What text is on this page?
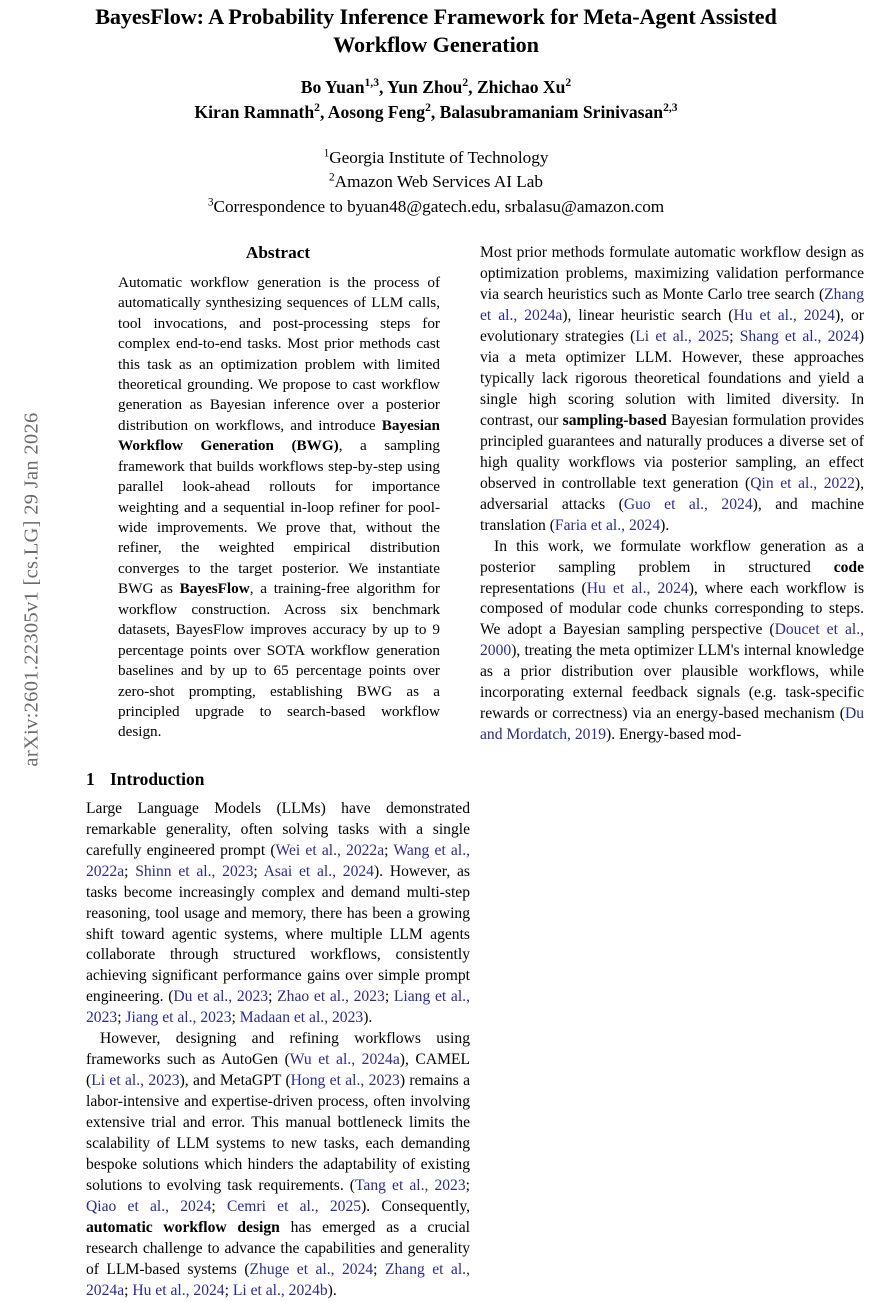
arXiv:2601.22305v1 [cs.LG] 29 Jan 2026
BayesFlow: A Probability Inference Framework for Meta-Agent Assisted Workflow Generation
Bo Yuan$^{1,3}$, Yun Zhou$^2$, Zhichao Xu$^2$
Kiran Ramnath$^2$, Aosong Feng$^2$, Balasubramaniam Srinivasan$^{2,3}$
$^1$Georgia Institute of Technology
$^2$Amazon Web Services AI Lab
$^3$Correspondence to byuan48@gatech.edu, srbalasu@amazon.com
Abstract

Automatic workflow generation is the process of automatically synthesizing sequences of LLM calls, tool invocations, and post-processing steps for complex end-to-end tasks. Most prior methods cast this task as an optimization problem with limited theoretical grounding. We propose to cast workflow generation as Bayesian inference over a posterior distribution on workflows, and introduce Bayesian Workflow Generation (BWG), a sampling framework that builds workflows step-by-step using parallel look-ahead rollouts for importance weighting and a sequential in-loop refiner for pool-wide improvements. We prove that, without the refiner, the weighted empirical distribution converges to the target posterior. We instantiate BWG as BayesFlow, a training-free algorithm for workflow construction. Across six benchmark datasets, BayesFlow improves accuracy by up to 9 percentage points over SOTA workflow generation baselines and by up to 65 percentage points over zero-shot prompting, establishing BWG as a principled upgrade to search-based workflow design.

1 Introduction

Large Language Models (LLMs) have demonstrated remarkable generality, often solving tasks with a single carefully engineered prompt (Wei et al., 2022a; Wang et al., 2022a; Shinn et al., 2023; Asai et al., 2024). However, as tasks become increasingly complex and demand multi-step reasoning, tool usage and memory, there has been a growing shift toward agentic systems, where multiple LLM agents collaborate through structured workflows, consistently achieving significant performance gains over simple prompt engineering. (Du et al., 2023; Zhao et al., 2023; Liang et al., 2023; Jiang et al., 2023; Madaan et al., 2023).

However, designing and refining workflows using frameworks such as AutoGen (Wu et al., 2024a), CAMEL (Li et al., 2023), and MetaGPT (Hong et al., 2023) remains a labor-intensive and expertise-driven process, often involving extensive trial and error. This manual bottleneck limits the scalability of LLM systems to new tasks, each demanding bespoke solutions which hinders the adaptability of existing solutions to evolving task requirements. (Tang et al., 2023; Qiao et al., 2024; Cemri et al., 2025). Consequently, automatic workflow design has emerged as a crucial research challenge to advance the capabilities and generality of LLM-based systems (Zhuge et al., 2024; Zhang et al., 2024a; Hu et al., 2024; Li et al., 2024b).

Most prior methods formulate automatic workflow design as optimization problems, maximizing validation performance via search heuristics such as Monte Carlo tree search (Zhang et al., 2024a), linear heuristic search (Hu et al., 2024), or evolutionary strategies (Li et al., 2025; Shang et al., 2024) via a meta optimizer LLM. However, these approaches typically lack rigorous theoretical foundations and yield a single high scoring solution with limited diversity. In contrast, our sampling-based Bayesian formulation provides principled guarantees and naturally produces a diverse set of high quality workflows via posterior sampling, an effect observed in controllable text generation (Qin et al., 2022), adversarial attacks (Guo et al., 2024), and machine translation (Faria et al., 2024).

In this work, we formulate workflow generation as a posterior sampling problem in structured code representations (Hu et al., 2024), where each workflow is composed of modular code chunks corresponding to steps. We adopt a Bayesian sampling perspective (Doucet et al., 2000), treating the meta optimizer LLM's internal knowledge as a prior distribution over plausible workflows, while incorporating external feedback signals (e.g. task-specific rewards or correctness) via an energy-based mechanism (Du and Mordatch, 2019). Energy-based mod-
